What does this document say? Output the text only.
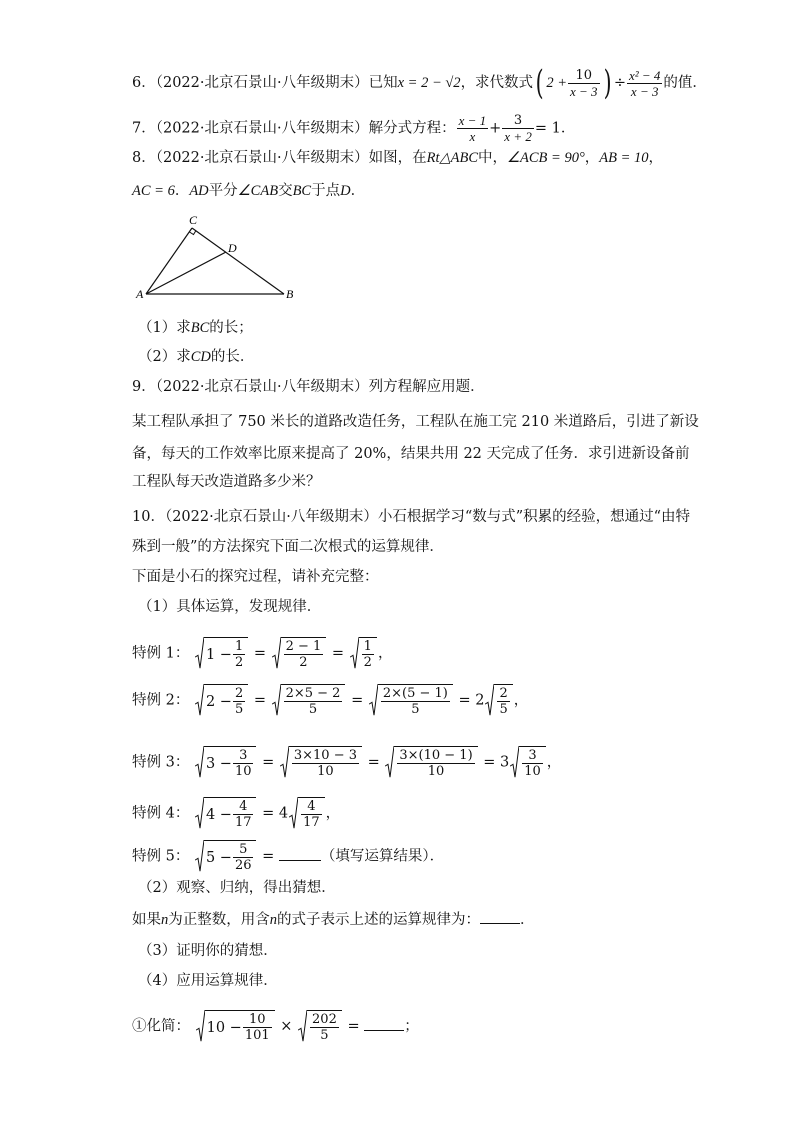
6．（2022·北京石景山·八年级期末）已知x = 2 − √2，求代数式( $2 + \frac{10}{x - 3}$ ) ÷ $\frac{\text{x² − 4}}{x - 3}$ 的值．
7．（2022·北京石景山·八年级期末）解分式方程： $\frac{x - 1}{x} + \frac{3}{x + 2} = 1$．
8．（2022·北京石景山·八年级期末）如图，在Rt△ABC中，∠ACB = 90°，AB = 10，
AC = 6．AD平分∠CAB交BC于点D．
A	B
C
D
（1）求BC的长；
（2）求CD的长．
9．（2022·北京石景山·八年级期末）列方程解应用题．
某工程队承担了 750 米长的道路改造任务，工程队在施工完 210 米道路后，引进了新设
备，每天的工作效率比原来提高了 20%，结果共用 22 天完成了任务．求引进新设备前
工程队每天改造道路多少米？
10．（2022·北京石景山·八年级期末）小石根据学习“数与式”积累的经验，想通过“由特
殊到一般”的方法探究下面二次根式的运算规律．
下面是小石的探究过程，请补充完整：
（1）具体运算，发现规律．
特例 1： $1 - \frac{1}{2} = \frac{2 - 1}{2} = \frac{1}{2}$ ，
特例 2： $2 - \frac{2}{5} = \frac{2\times 5 - 2}{5} = \frac{2\times(5 - 1)}{5} = 2 \frac{2}{5}$ ，
特例 3： $3 - \frac{3}{10} = \frac{3\times 10 - 3}{10} = \frac{3\times(10 - 1)}{10} = 3 \frac{3}{10}$ ，
特例 4： $4 - \frac{4}{17} = 4 \frac{4}{17}$ ，
特例 5： $5 - \frac{5}{26}$ =	（填写运算结果）．
（2）观察、归纳，得出猜想．
如果n为正整数，用含n的式子表示上述的运算规律为：	．
（3）证明你的猜想．
（4）应用运算规律．
①化简： $10 - \frac{10}{101} \times \frac{202}{5}$ =	；
